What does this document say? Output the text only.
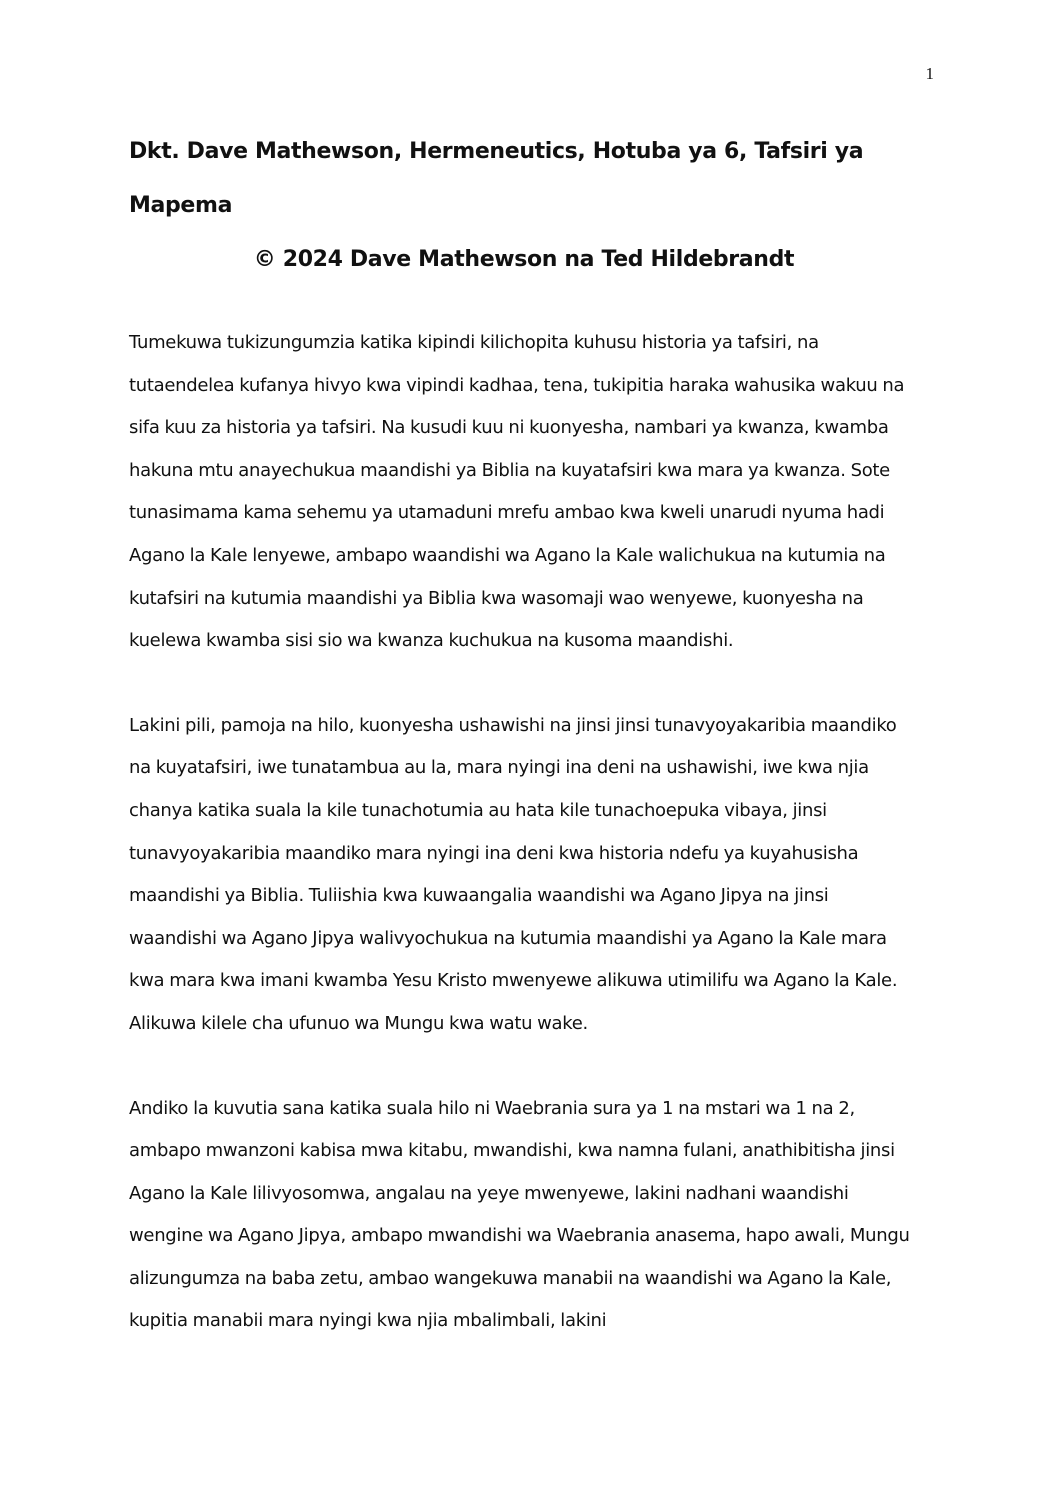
1
Dkt. Dave Mathewson, Hermeneutics, Hotuba ya 6, Tafsiri ya Mapema

© 2024 Dave Mathewson na Ted Hildebrandt

Tumekuwa tukizungumzia katika kipindi kilichopita kuhusu historia ya tafsiri, na tutaendelea kufanya hivyo kwa vipindi kadhaa, tena, tukipitia haraka wahusika wakuu na sifa kuu za historia ya tafsiri. Na kusudi kuu ni kuonyesha, nambari ya kwanza, kwamba hakuna mtu anayechukua maandishi ya Biblia na kuyatafsiri kwa mara ya kwanza. Sote tunasimama kama sehemu ya utamaduni mrefu ambao kwa kweli unarudi nyuma hadi Agano la Kale lenyewe, ambapo waandishi wa Agano la Kale walichukua na kutumia na kutafsiri na kutumia maandishi ya Biblia kwa wasomaji wao wenyewe, kuonyesha na kuelewa kwamba sisi sio wa kwanza kuchukua na kusoma maandishi.

Lakini pili, pamoja na hilo, kuonyesha ushawishi na jinsi jinsi tunavyoyakaribia maandiko na kuyatafsiri, iwe tunatambua au la, mara nyingi ina deni na ushawishi, iwe kwa njia chanya katika suala la kile tunachotumia au hata kile tunachoepuka vibaya, jinsi tunavyoyakaribia maandiko mara nyingi ina deni kwa historia ndefu ya kuyahusisha maandishi ya Biblia. Tuliishia kwa kuwaangalia waandishi wa Agano Jipya na jinsi waandishi wa Agano Jipya walivyochukua na kutumia maandishi ya Agano la Kale mara kwa mara kwa imani kwamba Yesu Kristo mwenyewe alikuwa utimilifu wa Agano la Kale. Alikuwa kilele cha ufunuo wa Mungu kwa watu wake.

Andiko la kuvutia sana katika suala hilo ni Waebrania sura ya 1 na mstari wa 1 na 2, ambapo mwanzoni kabisa mwa kitabu, mwandishi, kwa namna fulani, anathibitisha jinsi Agano la Kale lilivyosomwa, angalau na yeye mwenyewe, lakini nadhani waandishi wengine wa Agano Jipya, ambapo mwandishi wa Waebrania anasema, hapo awali, Mungu alizungumza na baba zetu, ambao wangekuwa manabii na waandishi wa Agano la Kale, kupitia manabii mara nyingi kwa njia mbalimbali, lakini
